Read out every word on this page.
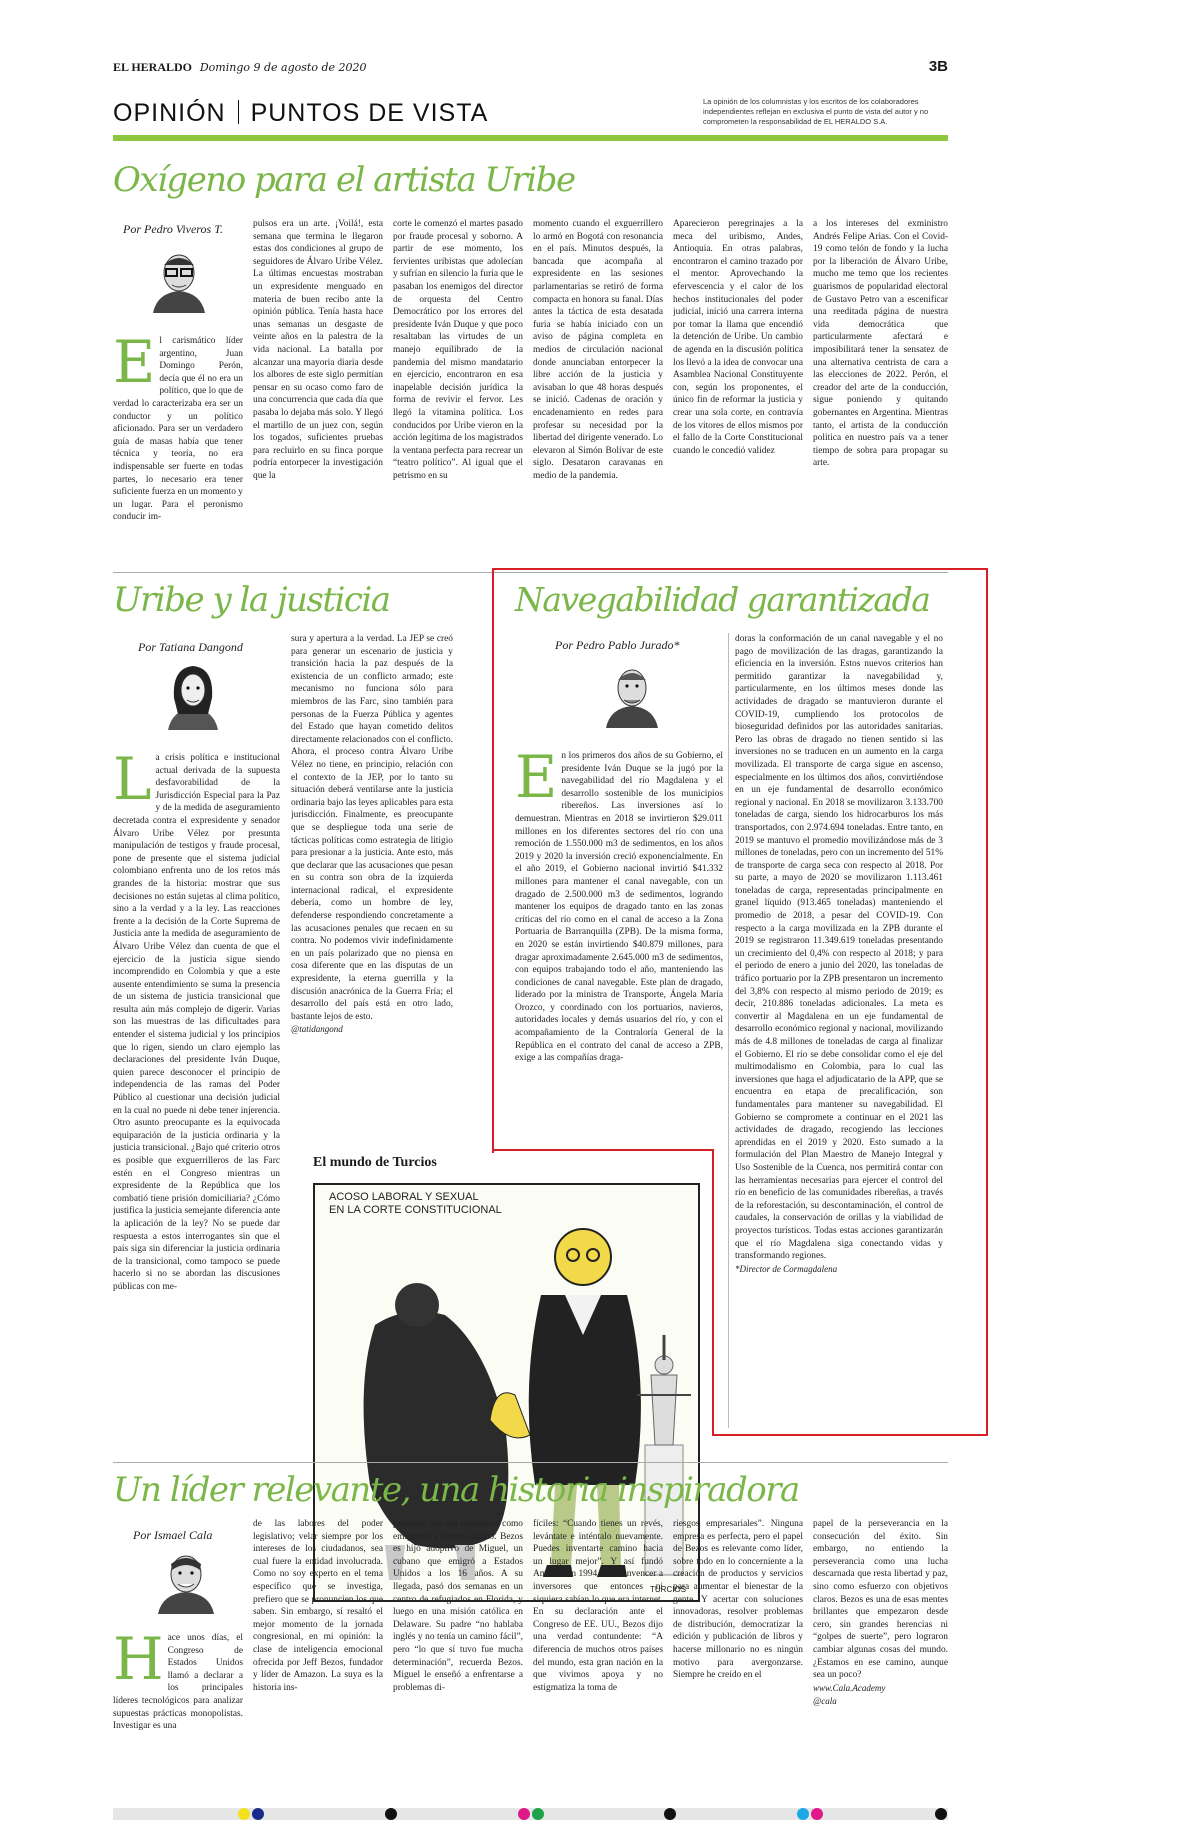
EL HERALDO Domingo 9 de agosto de 2020	3B
OPINIÓN PUNTOS DE VISTA	La opinión de los columnistas y los escritos de los colaboradores independientes reflejan en exclusiva el punto de vista del autor y no comprometen la responsabilidad de EL HERALDO S.A.
Oxígeno para el artista Uribe
Por Pedro Viveros T.
El carismático líder argentino, Juan Domingo Perón, decía que él no era un político, que lo que de verdad lo caracterizaba era ser un conductor y un político aficionado. Para ser un verdadero guía de masas había que tener técnica y teoría, no era indispensable ser fuerte en todas partes, lo necesario era tener suficiente fuerza en un momento y un lugar. Para el peronismo conducir im-
pulsos era un arte. ¡Voilá!, esta semana que termina le llegaron estas dos condiciones al grupo de seguidores de Álvaro Uribe Vélez. La últimas encuestas mostraban un expresidente menguado en materia de buen recibo ante la opinión pública. Tenía hasta hace unas semanas un desgaste de veinte años en la palestra de la vida nacional. La batalla por alcanzar una mayoría diaria desde los albores de este siglo permitían pensar en su ocaso como faro de una concurrencia que cada día que pasaba lo dejaba más solo. Y llegó el martillo de un juez con, según los togados, suficientes pruebas para recluirlo en su finca porque podría entorpecer la investigación que la
corte le comenzó el martes pasado por fraude procesal y soborno. A partir de ese momento, los fervientes uribistas que adolecían y sufrían en silencio la furia que le pasaban los enemigos del director de orquesta del Centro Democrático por los errores del presidente Iván Duque y que poco resaltaban las virtudes de un manejo equilibrado de la pandemia del mismo mandatario en ejercicio, encontraron en esa inapelable decisión jurídica la forma de revivir el fervor. Les llegó la vitamina política. Los conducidos por Uribe vieron en la acción legítima de los magistrados la ventana perfecta para recrear un “teatro político”. Al igual que el petrismo en su
momento cuando el exguerrillero lo armó en Bogotá con resonancia en el país. Minutos después, la bancada que acompaña al expresidente en las sesiones parlamentarias se retiró de forma compacta en honora su fanal. Días antes la táctica de esta desatada furia se había iniciado con un aviso de página completa en medios de circulación nacional donde anunciaban entorpecer la libre acción de la justicia y avisaban lo que 48 horas después se inició. Cadenas de oración y encadenamiento en redes para profesar su necesidad por la libertad del dirigente venerado. Lo elevaron al Simón Bolívar de este siglo. Desataron caravanas en medio de la pandemia.
Aparecieron peregrinajes a la meca del uribismo, Andes, Antioquia. En otras palabras, encontraron el camino trazado por el mentor. Aprovechando la efervescencia y el calor de los hechos institucionales del poder judicial, inició una carrera interna por tomar la llama que encendió la detención de Uribe. Un cambio de agenda en la discusión política los llevó a la idea de convocar una Asamblea Nacional Constituyente con, según los proponentes, el único fin de reformar la justicia y crear una sola corte, en contravía de los vítores de ellos mismos por el fallo de la Corte Constitucional cuando le concedió validez
a los intereses del exministro Andrés Felipe Arias. Con el Covid-19 como telón de fondo y la lucha por la liberación de Álvaro Uribe, mucho me temo que los recientes guarismos de popularidad electoral de Gustavo Petro van a escenificar una reeditada página de nuestra vida democrática que particularmente afectará e imposibilitará tener la sensatez de una alternativa centrista de cara a las elecciones de 2022. Perón, el creador del arte de la conducción, sigue poniendo y quitando gobernantes en Argentina. Mientras tanto, el artista de la conducción política en nuestro país va a tener tiempo de sobra para propagar su arte.
Uribe y la justicia
Por Tatiana Dangond
La crisis política e institucional actual derivada de la supuesta desfavorabilidad de la Jurisdicción Especial para la Paz y de la medida de aseguramiento decretada contra el expresidente y senador Álvaro Uribe Vélez por presunta manipulación de testigos y fraude procesal, pone de presente que el sistema judicial colombiano enfrenta uno de los retos más grandes de la historia: mostrar que sus decisiones no están sujetas al clima político, sino a la verdad y a la ley. Las reacciones frente a la decisión de la Corte Suprema de Justicia ante la medida de aseguramiento de Álvaro Uribe Vélez dan cuenta de que el ejercicio de la justicia sigue siendo incomprendido en Colombia y que a este ausente entendimiento se suma la presencia de un sistema de justicia transicional que resulta aún más complejo de digerir. Varias son las muestras de las dificultades para entender el sistema judicial y los principios que lo rigen, siendo un claro ejemplo las declaraciones del presidente Iván Duque, quien parece desconocer el principio de independencia de las ramas del Poder Público al cuestionar una decisión judicial en la cual no puede ni debe tener injerencia. Otro asunto preocupante es la equivocada equiparación de la justicia ordinaria y la justicia transicional. ¿Bajo qué criterio otros es posible que exguerrilleros de las Farc estén en el Congreso mientras un expresidente de la República que los combatió tiene prisión domiciliaria? ¿Cómo justifica la justicia semejante diferencia ante la aplicación de la ley? No se puede dar respuesta a estos interrogantes sin que el país siga sin diferenciar la justicia ordinaria de la transicional, como tampoco se puede hacerlo si no se abordan las discusiones públicas con me-
sura y apertura a la verdad. La JEP se creó para generar un escenario de justicia y transición hacia la paz después de la existencia de un conflicto armado; este mecanismo no funciona sólo para miembros de las Farc, sino también para personas de la Fuerza Pública y agentes del Estado que hayan cometido delitos directamente relacionados con el conflicto. Ahora, el proceso contra Álvaro Uribe Vélez no tiene, en principio, relación con el contexto de la JEP, por lo tanto su situación deberá ventilarse ante la justicia ordinaria bajo las leyes aplicables para esta jurisdicción. Finalmente, es preocupante que se despliegue toda una serie de tácticas políticas como estrategia de litigio para presionar a la justicia. Ante esto, más que declarar que las acusaciones que pesan en su contra son obra de la izquierda internacional radical, el expresidente debería, como un hombre de ley, defenderse respondiendo concretamente a las acusaciones penales que recaen en su contra. No podemos vivir indefinidamente en un país polarizado que no piensa en cosa diferente que en las disputas de un expresidente, la eterna guerrilla y la discusión anacrónica de la Guerra Fría; el desarrollo del país está en otro lado, bastante lejos de esto.
@tatidangond
El mundo de Turcios
ACOSO LABORAL Y SEXUAL
EN LA CORTE CONSTITUCIONAL
TURCIOS
Navegabilidad garantizada
Por Pedro Pablo Jurado*
En los primeros dos años de su Gobierno, el presidente Iván Duque se la jugó por la navegabilidad del río Magdalena y el desarrollo sostenible de los municipios ribereños. Las inversiones así lo demuestran. Mientras en 2018 se invirtieron $29.011 millones en los diferentes sectores del río con una remoción de 1.550.000 m3 de sedimentos, en los años 2019 y 2020 la inversión creció exponencialmente. En el año 2019, el Gobierno nacional invirtió $41.332 millones para mantener el canal navegable, con un dragado de 2.500.000 m3 de sedimentos, logrando mantener los equipos de dragado tanto en las zonas críticas del río como en el canal de acceso a la Zona Portuaria de Barranquilla (ZPB). De la misma forma, en 2020 se están invirtiendo $40.879 millones, para dragar aproximadamente 2.645.000 m3 de sedimentos, con equipos trabajando todo el año, manteniendo las condiciones de canal navegable. Este plan de dragado, liderado por la ministra de Transporte, Ángela María Orozco, y coordinado con los portuarios, navieros, autoridades locales y demás usuarios del río, y con el acompañamiento de la Contraloría General de la República en el contrato del canal de acceso a ZPB, exige a las compañías draga-
doras la conformación de un canal navegable y el no pago de movilización de las dragas, garantizando la eficiencia en la inversión. Estos nuevos criterios han permitido garantizar la navegabilidad y, particularmente, en los últimos meses donde las actividades de dragado se mantuvieron durante el COVID-19, cumpliendo los protocolos de bioseguridad definidos por las autoridades sanitarias. Pero las obras de dragado no tienen sentido si las inversiones no se traducen en un aumento en la carga movilizada. El transporte de carga sigue en ascenso, especialmente en los últimos dos años, convirtiéndose en un eje fundamental de desarrollo económico regional y nacional. En 2018 se movilizaron 3.133.700 toneladas de carga, siendo los hidrocarburos los más transportados, con 2.974.694 toneladas. Entre tanto, en 2019 se mantuvo el promedio movilizándose más de 3 millones de toneladas, pero con un incremento del 51% de transporte de carga seca con respecto al 2018. Por su parte, a mayo de 2020 se movilizaron 1.113.461 toneladas de carga, representadas principalmente en granel líquido (913.465 toneladas) manteniendo el promedio de 2018, a pesar del COVID-19. Con respecto a la carga movilizada en la ZPB durante el 2019 se registraron 11.349.619 toneladas presentando un crecimiento del 0,4% con respecto al 2018; y para el periodo de enero a junio del 2020, las toneladas de tráfico portuario por la ZPB presentaron un incremento del 3,8% con respecto al mismo periodo de 2019; es decir, 210.886 toneladas adicionales. La meta es convertir al Magdalena en un eje fundamental de desarrollo económico regional y nacional, movilizando más de 4.8 millones de toneladas de carga al finalizar el Gobierno. El río se debe consolidar como el eje del multimodalismo en Colombia, para lo cual las inversiones que haga el adjudicatario de la APP, que se encuentra en etapa de precalificación, son fundamentales para mantener su navegabilidad. El Gobierno se compromete a continuar en el 2021 las actividades de dragado, recogiendo las lecciones aprendidas en el 2019 y 2020. Esto sumado a la formulación del Plan Maestro de Manejo Integral y Uso Sostenible de la Cuenca, nos permitirá contar con las herramientas necesarias para ejercer el control del río en beneficio de las comunidades ribereñas, a través de la reforestación, su descontaminación, el control de caudales, la conservación de orillas y la viabilidad de proyectos turísticos. Todas estas acciones garantizarán que el río Magdalena siga conectando vidas y transformando regiones.
*Director de Cormagdalena
Un líder relevante, una historia inspiradora
Por Ismael Cala
Hace unos días, el Congreso de Estados Unidos llamó a declarar a los principales líderes tecnológicos para analizar supuestas prácticas monopolistas. Investigar es una
de las labores del poder legislativo; velar siempre por los intereses de los ciudadanos, sea cual fuere la entidad involucrada. Como no soy experto en el tema específico que se investiga, prefiero que se pronuncien los que saben. Sin embargo, sí resaltó el mejor momento de la jornada congresional, en mi opinión: la clase de inteligencia emocional ofrecida por Jeff Bezos, fundador y líder de Amazon. La suya es la historia ins-
piradora, que me conmueve como emigrante y como cubano. Bezos es hijo adoptivo de Miguel, un cubano que emigró a Estados Unidos a los 16 años. A su llegada, pasó dos semanas en un centro de refugiados en Florida, y luego en una misión católica en Delaware. Su padre “no hablaba inglés y no tenía un camino fácil”, pero “lo que sí tuvo fue mucha determinación”, recuerda Bezos. Miguel le enseñó a enfrentarse a problemas di-
fíciles: “Cuando tienes un revés, levántate e inténtalo nuevamente. Puedes inventarte camino hacia un lugar mejor”. Y así fundó Amazon en 1994, tras convencer a inversores que entonces ni siquiera sabían lo que era internet. En su declaración ante el Congreso de EE. UU., Bezos dijo una verdad contundente: “A diferencia de muchos otros países del mundo, esta gran nación en la que vivimos apoya y no estigmatiza la toma de
riesgos empresariales”. Ninguna empresa es perfecta, pero el papel de Bezos es relevante como líder, sobre todo en lo concerniente a la creación de productos y servicios para aumentar el bienestar de la gente. Y acertar con soluciones innovadoras, resolver problemas de distribución, democratizar la edición y publicación de libros y hacerse millonario no es ningún motivo para avergonzarse. Siempre he creído en el
papel de la perseverancia en la consecución del éxito. Sin embargo, no entiendo la perseverancia como una lucha descarnada que resta libertad y paz, sino como esfuerzo con objetivos claros. Bezos es una de esas mentes brillantes que empezaron desde cero, sin grandes herencias ni “golpes de suerte”, pero lograron cambiar algunas cosas del mundo. ¿Estamos en ese camino, aunque sea un poco?
www.Cala.Academy
@cala
